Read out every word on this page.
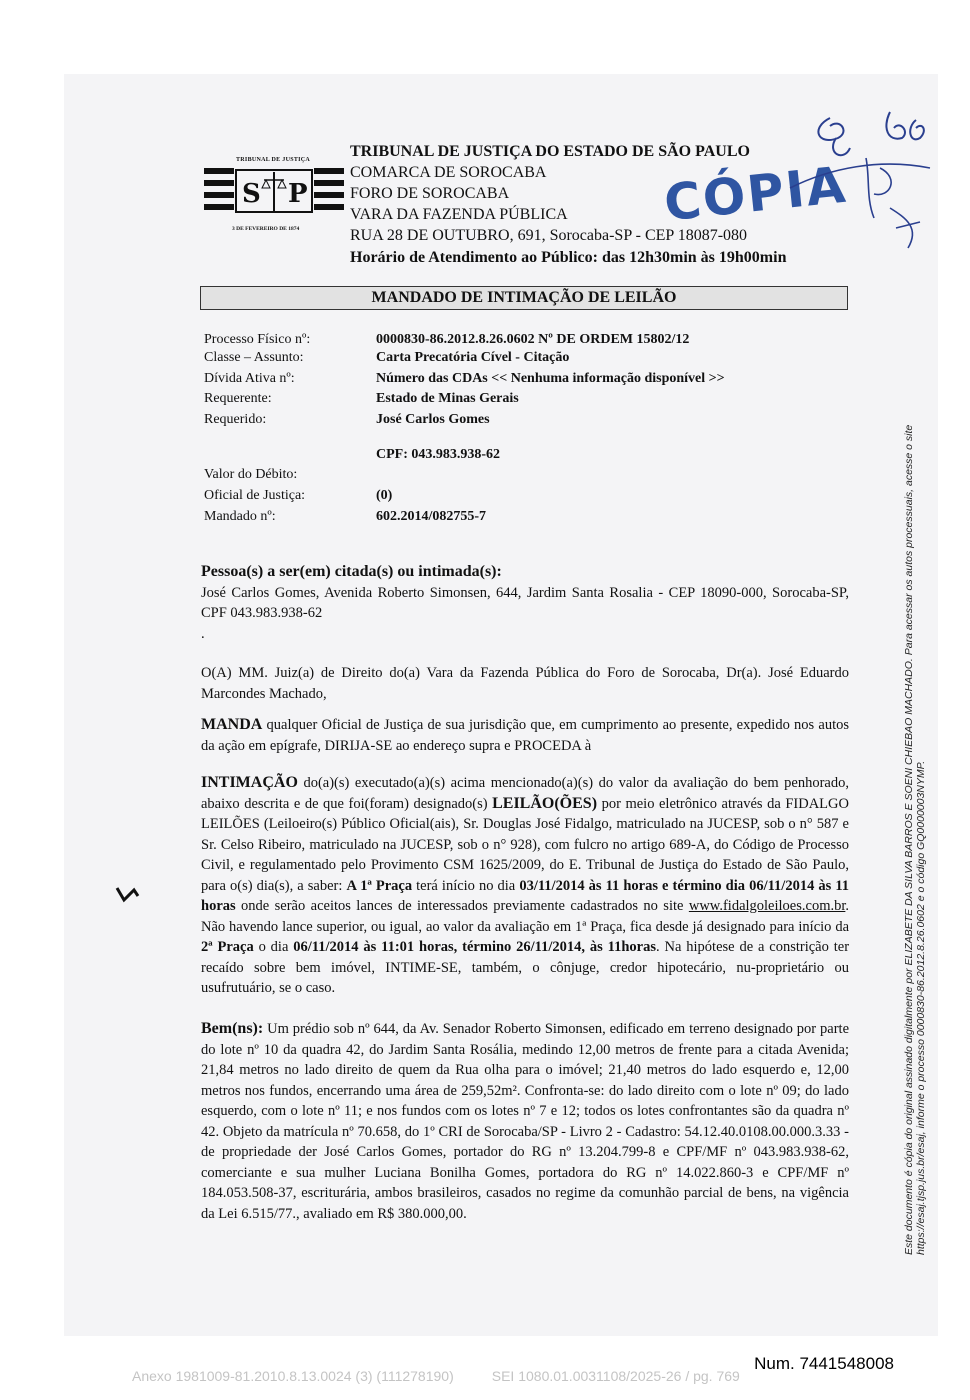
S P
TRIBUNAL DE JUSTIÇA
3 DE FEVEREIRO DE 1874
TRIBUNAL DE JUSTIÇA DO ESTADO DE SÃO PAULO
COMARCA DE SOROCABA
FORO DE SOROCABA
VARA DA FAZENDA PÚBLICA
RUA 28 DE OUTUBRO, 691, Sorocaba-SP - CEP 18087-080
Horário de Atendimento ao Público: das 12h30min às 19h00min
CÓPIA
MANDADO DE INTIMAÇÃO DE LEILÃO
Processo Físico nº:	0000830-86.2012.8.26.0602 Nº DE ORDEM 15802/12
Classe – Assunto:	Carta Precatória Cível - Citação
Dívida Ativa nº:	Número das CDAs << Nenhuma informação disponível >>
Requerente:	Estado de Minas Gerais
Requerido:	José Carlos Gomes
CPF: 043.983.938-62
Valor do Débito:
Oficial de Justiça:	(0)
Mandado nº:	602.2014/082755-7
Pessoa(s) a ser(em) citada(s) ou intimada(s):
José Carlos Gomes, Avenida Roberto Simonsen, 644, Jardim Santa Rosalia - CEP 18090-000, Sorocaba-SP, CPF 043.983.938-62
.
O(A) MM. Juiz(a) de Direito do(a) Vara da Fazenda Pública do Foro de Sorocaba, Dr(a). José Eduardo Marcondes Machado,
MANDA qualquer Oficial de Justiça de sua jurisdição que, em cumprimento ao presente, expedido nos autos da ação em epígrafe, DIRIJA-SE ao endereço supra e PROCEDA à
INTIMAÇÃO do(a)(s) executado(a)(s) acima mencionado(a)(s) do valor da avaliação do bem penhorado, abaixo descrita e de que foi(foram) designado(s) LEILÃO(ÕES) por meio eletrônico através da FIDALGO LEILÕES (Leiloeiro(s) Público Oficial(ais), Sr. Douglas José Fidalgo, matriculado na JUCESP, sob o n° 587 e Sr. Celso Ribeiro, matriculado na JUCESP, sob o n° 928), com fulcro no artigo 689-A, do Código de Processo Civil, e regulamentado pelo Provimento CSM 1625/2009, do E. Tribunal de Justiça do Estado de São Paulo, para o(s) dia(s), a saber: A 1ª Praça terá início no dia 03/11/2014 às 11 horas e término dia 06/11/2014 às 11 horas onde serão aceitos lances de interessados previamente cadastrados no site www.fidalgoleiloes.com.br. Não havendo lance superior, ou igual, ao valor da avaliação em 1ª Praça, fica desde já designado para início da 2ª Praça o dia 06/11/2014 às 11:01 horas, término 26/11/2014, às 11horas. Na hipótese de a constrição ter recaído sobre bem imóvel, INTIME-SE, também, o cônjuge, credor hipotecário, nu-proprietário ou usufrutuário, se o caso.
Bem(ns): Um prédio sob nº 644, da Av. Senador Roberto Simonsen, edificado em terreno designado por parte do lote nº 10 da quadra 42, do Jardim Santa Rosália, medindo 12,00 metros de frente para a citada Avenida; 21,84 metros no lado direito de quem da Rua olha para o imóvel; 21,40 metros do lado esquerdo e, 12,00 metros nos fundos, encerrando uma área de 259,52m². Confronta-se: do lado direito com o lote nº 09; do lado esquerdo, com o lote nº 11; e nos fundos com os lotes nº 7 e 12; todos os lotes confrontantes são da quadra nº 42. Objeto da matrícula nº 70.658, do 1º CRI de Sorocaba/SP - Livro 2 - Cadastro: 54.12.40.0108.00.000.3.33 - de propriedade der José Carlos Gomes, portador do RG nº 13.204.799-8 e CPF/MF nº 043.983.938-62, comerciante e sua mulher Luciana Bonilha Gomes, portadora do RG nº 14.022.860-3 e CPF/MF nº 184.053.508-37, escriturária, ambos brasileiros, casados no regime da comunhão parcial de bens, na vigência da Lei 6.515/77., avaliado em R$ 380.000,00.	Este documento é cópia do original assinado digitalmente por ELIZABETE DA SILVA BARROS E SOENI CHIEBAO MACHADO. Para acessar os autos processuais, acesse o site https://esaj.tjsp.jus.br/esaj, informe o processo 0000830-86.2012.8.26.0602 e o código GQ0000003NYMP.
Num. 7441548008
Anexo 1981009-81.2010.8.13.0024 (3) (111278190)	SEI 1080.01.0031108/2025-26 / pg. 769
